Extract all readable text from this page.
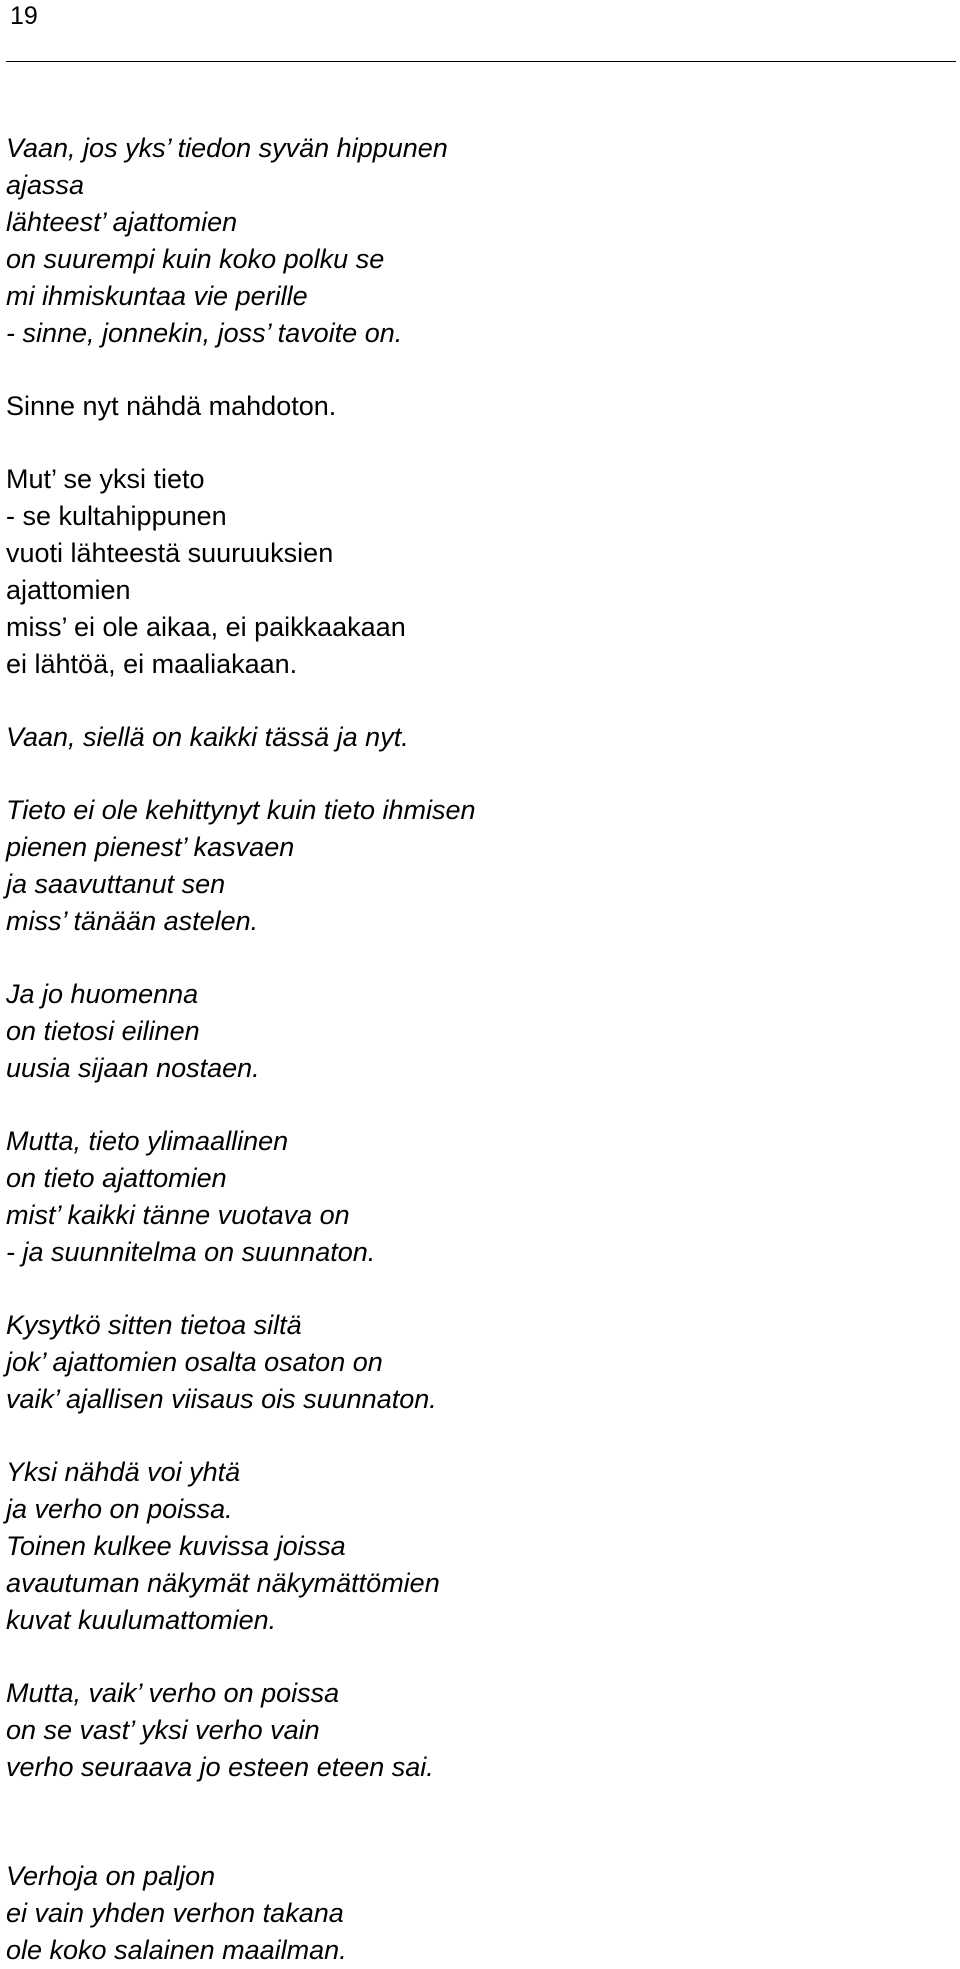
19
Vaan, jos yks’ tiedon syvän hippunen
ajassa
lähteest’ ajattomien
on suurempi kuin koko polku se
mi ihmiskuntaa vie perille
- sinne, jonnekin, joss’ tavoite on.
Sinne nyt nähdä mahdoton.
Mut’ se yksi tieto
- se kultahippunen
vuoti lähteestä suuruuksien
ajattomien
miss’ ei ole aikaa, ei paikkaakaan
ei lähtöä, ei maaliakaan.
Vaan, siellä on kaikki tässä ja nyt.
Tieto ei ole kehittynyt kuin tieto ihmisen
pienen pienest’ kasvaen
ja saavuttanut sen
miss’ tänään astelen.
Ja jo huomenna
on tietosi eilinen
uusia sijaan nostaen.
Mutta, tieto ylimaallinen
on tieto ajattomien
mist’ kaikki tänne vuotava on
- ja suunnitelma on suunnaton.
Kysytkö sitten tietoa siltä
jok’ ajattomien osalta osaton on
vaik’ ajallisen viisaus ois suunnaton.
Yksi nähdä voi yhtä
ja verho on poissa.
Toinen kulkee kuvissa joissa
avautuman näkymät näkymättömien
kuvat kuulumattomien.
Mutta, vaik’ verho on poissa
on se vast’ yksi verho vain
verho seuraava jo esteen eteen sai.
Verhoja on paljon
ei vain yhden verhon takana
ole koko salainen maailman.
